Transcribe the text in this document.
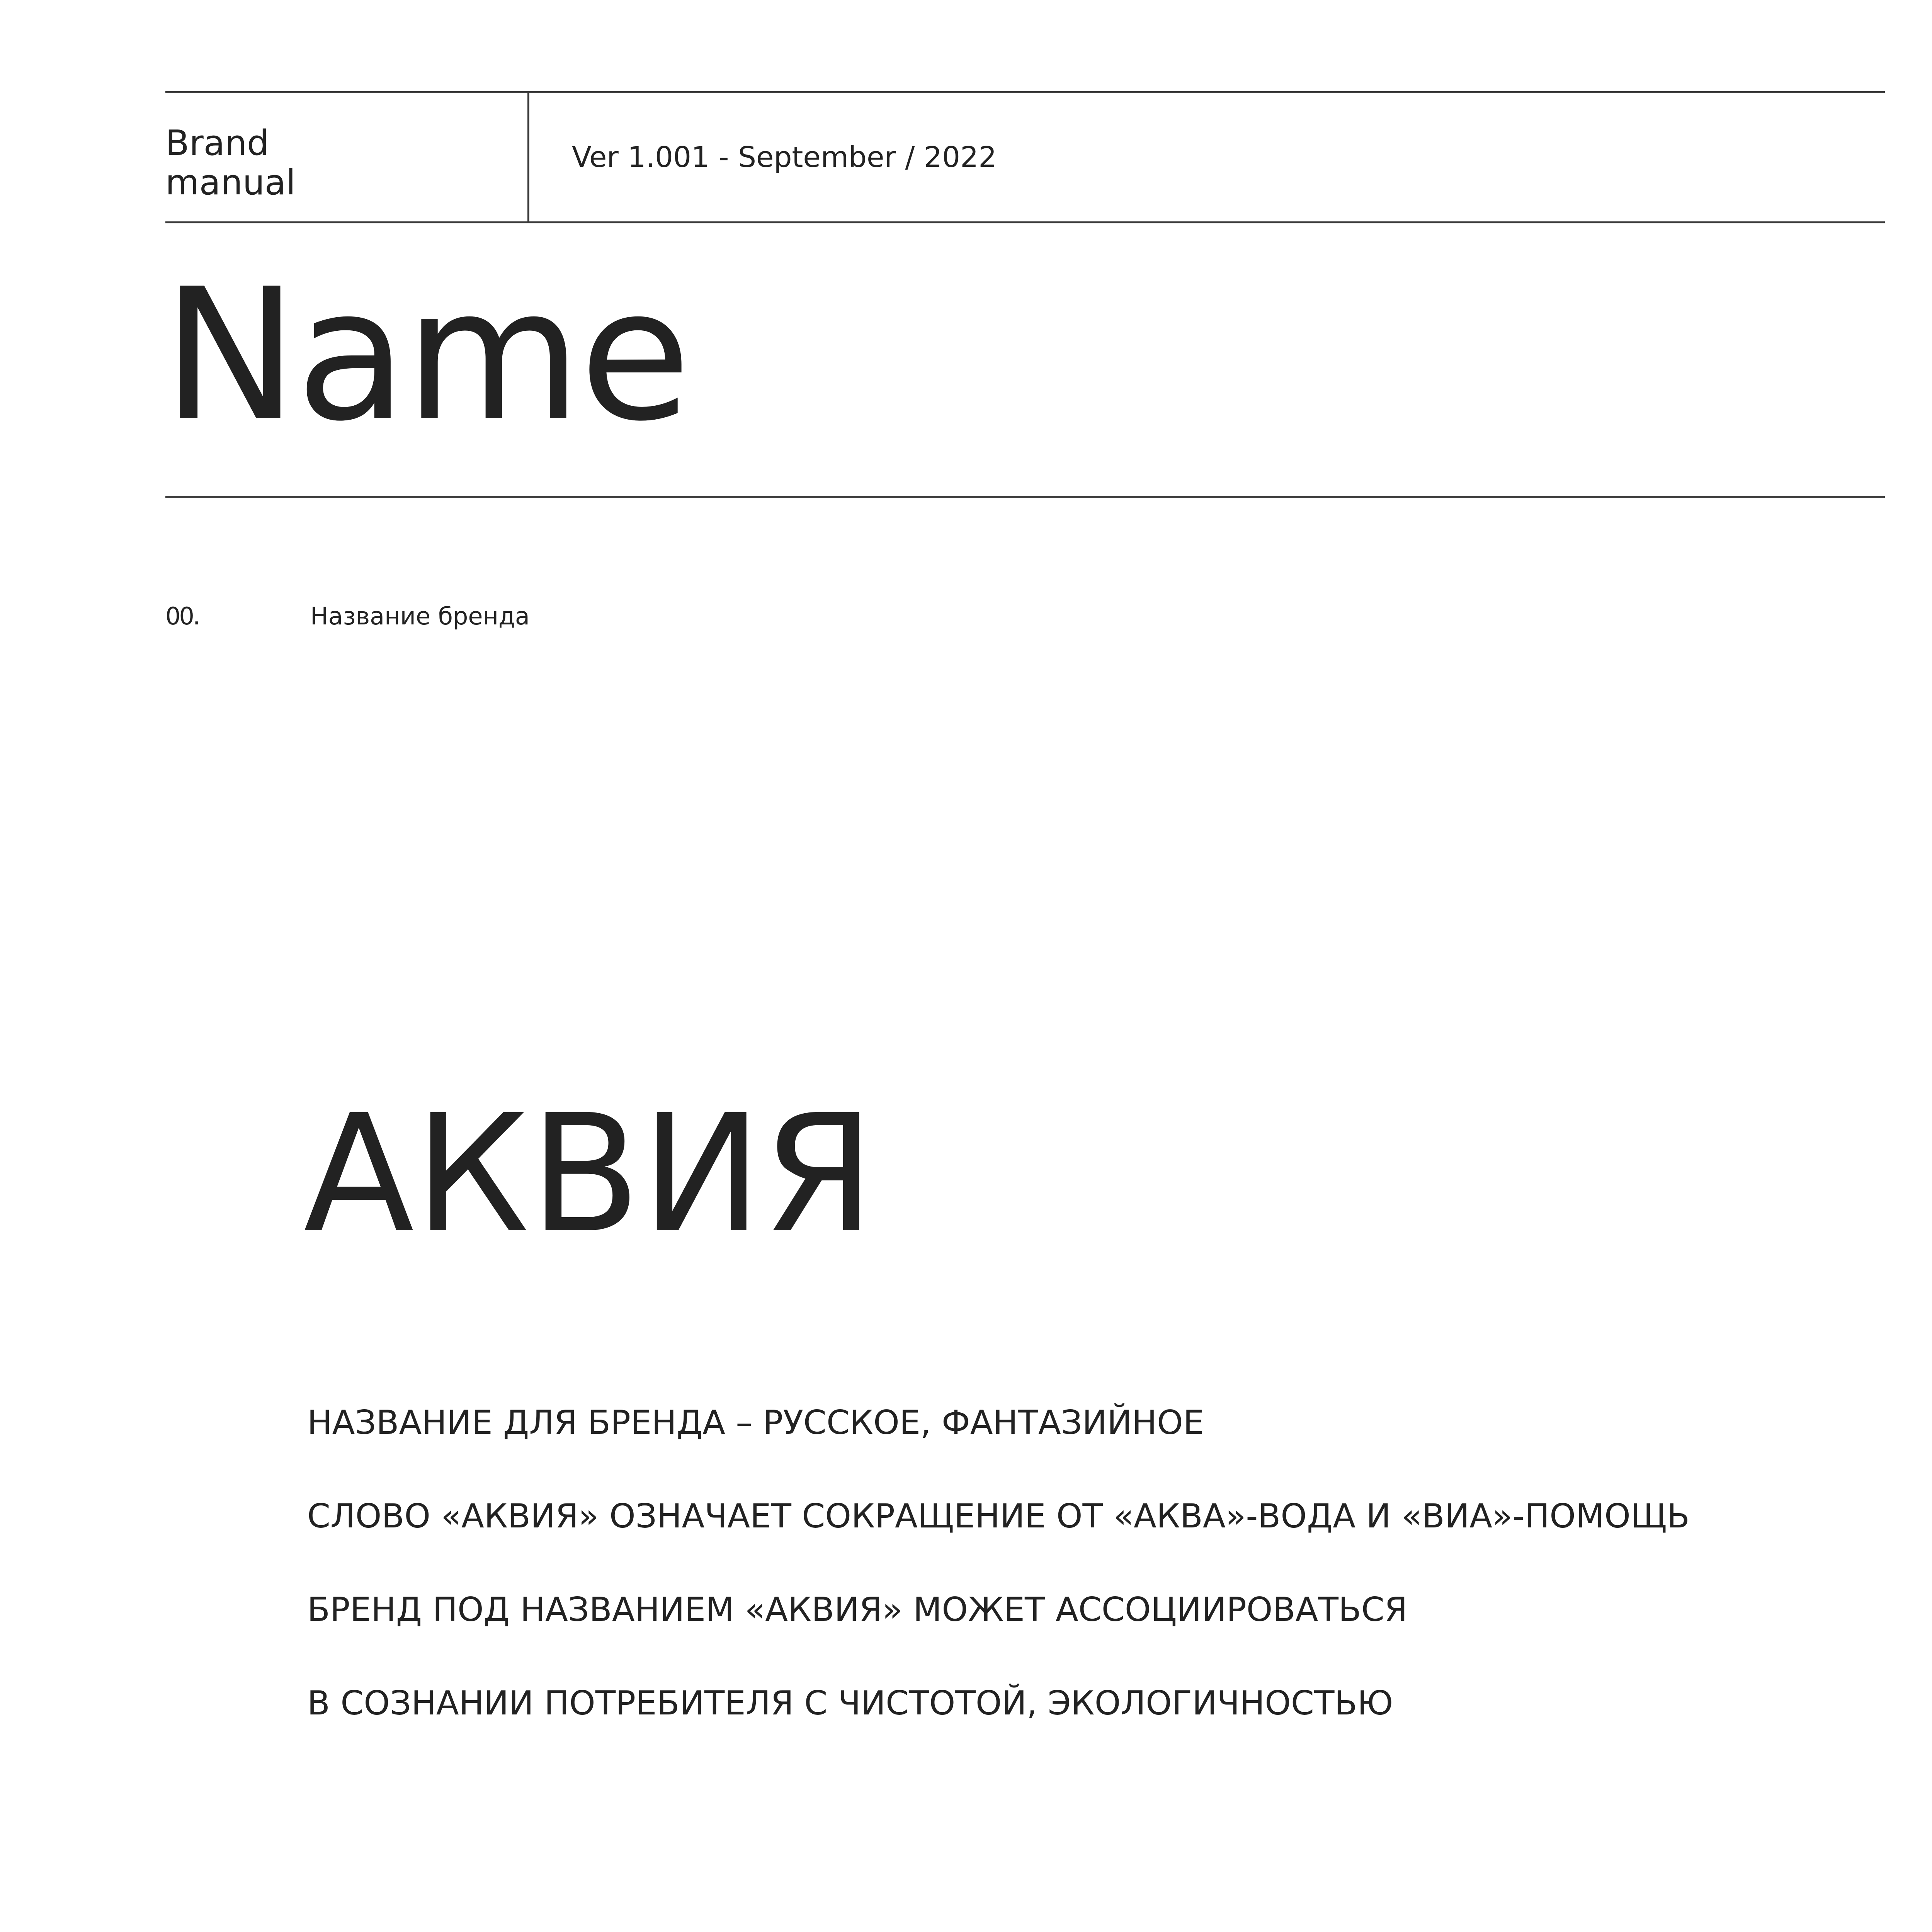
Brand
manual
Ver 1.001 - September / 2022
Name
00.	Название бренда
АКВИЯ
НАЗВАНИЕ ДЛЯ БРЕНДА – РУССКОЕ, ФАНТАЗИЙНОЕ
СЛОВО «АКВИЯ» ОЗНАЧАЕТ СОКРАЩЕНИЕ ОТ «АКВА»-ВОДА И «ВИА»-ПОМОЩЬ
БРЕНД ПОД НАЗВАНИЕМ «АКВИЯ» МОЖЕТ АССОЦИИРОВАТЬСЯ
В СОЗНАНИИ ПОТРЕБИТЕЛЯ С ЧИСТОТОЙ, ЭКОЛОГИЧНОСТЬЮ
